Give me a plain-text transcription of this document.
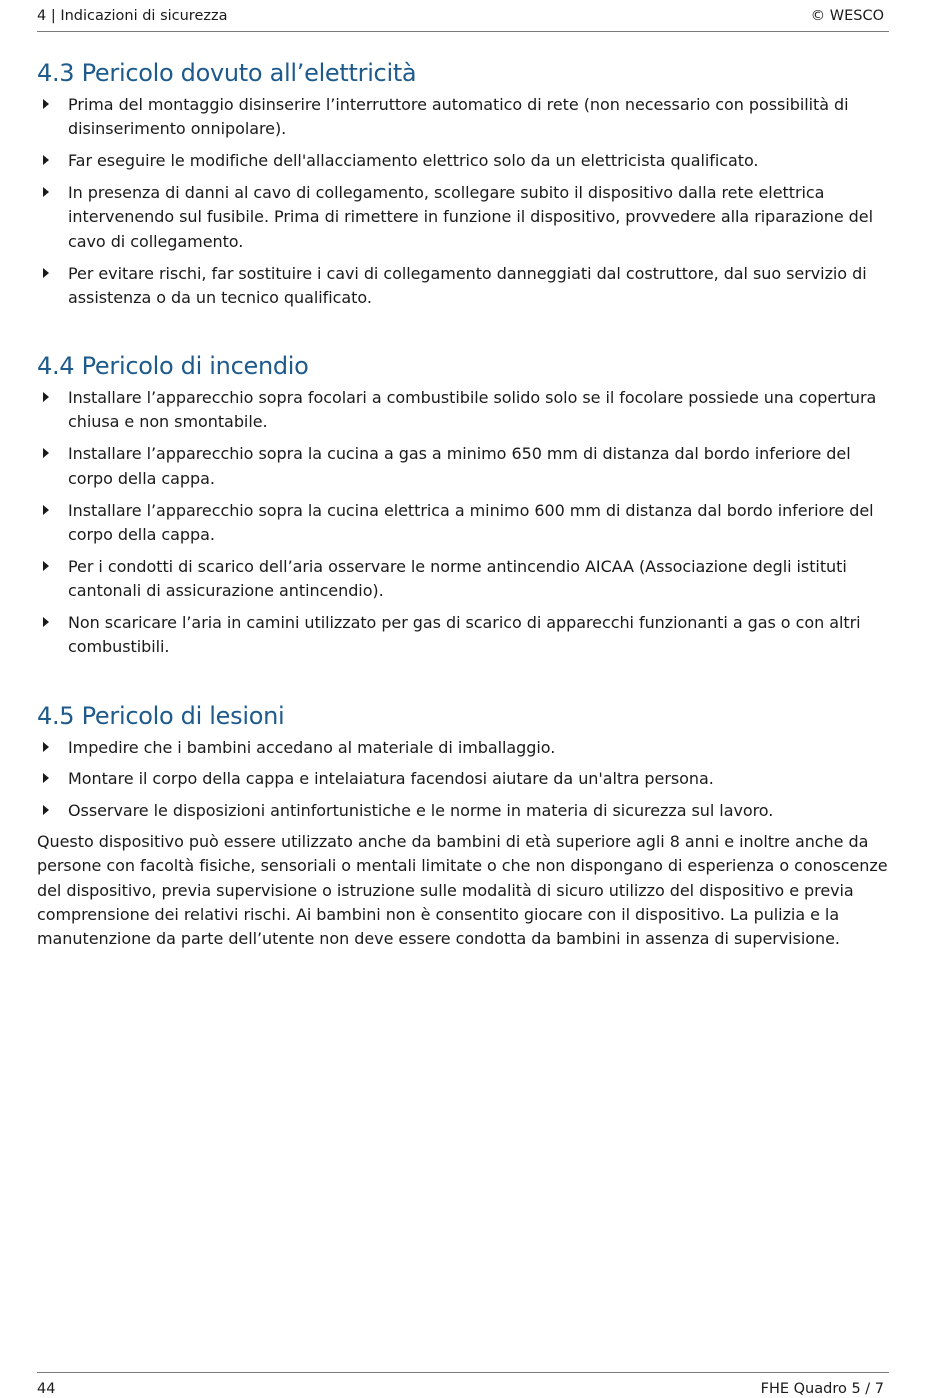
4 | Indicazioni di sicurezza	© WESCO
4.3 Pericolo dovuto all’elettricità
Prima del montaggio disinserire l’interruttore automatico di rete (non necessario con possibilità di disinserimento onnipolare).
Far eseguire le modifiche dell'allacciamento elettrico solo da un elettricista qualificato.
In presenza di danni al cavo di collegamento, scollegare subito il dispositivo dalla rete elettrica intervenendo sul fusibile. Prima di rimettere in funzione il dispositivo, provvedere alla riparazione del cavo di collegamento.
Per evitare rischi, far sostituire i cavi di collegamento danneggiati dal costruttore, dal suo servizio di assistenza o da un tecnico qualificato.
4.4 Pericolo di incendio
Installare l’apparecchio sopra focolari a combustibile solido solo se il focolare possiede una copertura chiusa e non smontabile.
Installare l’apparecchio sopra la cucina a gas a minimo 650 mm di distanza dal bordo inferiore del corpo della cappa.
Installare l’apparecchio sopra la cucina elettrica a minimo 600 mm di distanza dal bordo inferiore del corpo della cappa.
Per i condotti di scarico dell’aria osservare le norme antincendio AICAA (Associazione degli istituti cantonali di assicurazione antincendio).
Non scaricare l’aria in camini utilizzato per gas di scarico di apparecchi funzionanti a gas o con altri combustibili.
4.5 Pericolo di lesioni
Impedire che i bambini accedano al materiale di imballaggio.
Montare il corpo della cappa e intelaiatura facendosi aiutare da un'altra persona.
Osservare le disposizioni antinfortunistiche e le norme in materia di sicurezza sul lavoro.

Questo dispositivo può essere utilizzato anche da bambini di età superiore agli 8 anni e inoltre anche da persone con facoltà fisiche, sensoriali o mentali limitate o che non dispongano di esperienza o conoscenze del dispositivo, previa supervisione o istruzione sulle modalità di sicuro utilizzo del dispositivo e previa comprensione dei relativi rischi. Ai bambini non è consentito giocare con il dispositivo. La pulizia e la manutenzione da parte dell’utente non deve essere condotta da bambini in assenza di supervisione.

44	FHE Quadro 5 / 7
